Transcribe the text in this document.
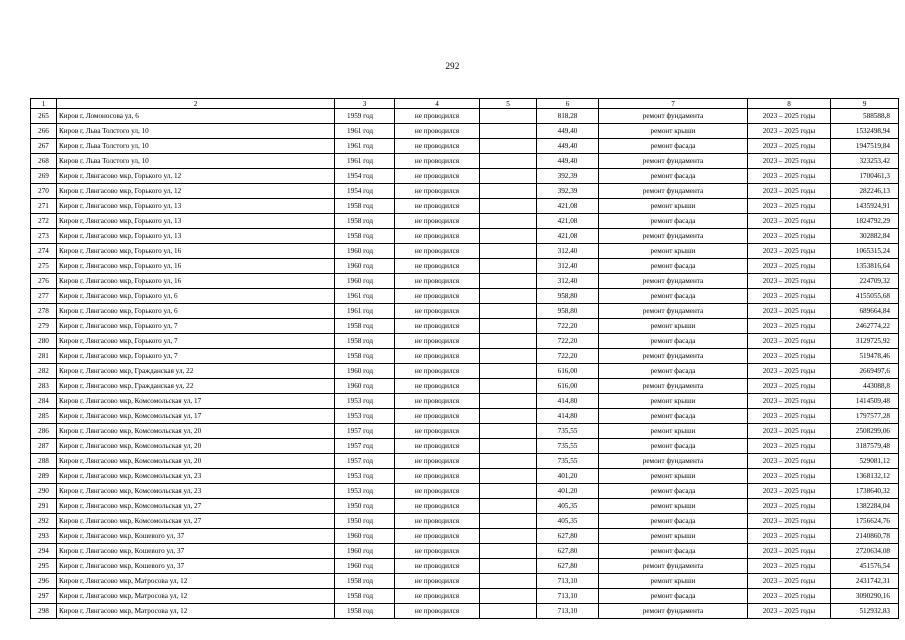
292
1	2	3	4	5	6	7	8	9
265	Киров г, Ломоносова ул, 6	1959 год	не проводился		818,28	ремонт фундамента	2023 – 2025 годы	588588,8
266	Киров г, Льва Толстого ул, 10	1961 год	не проводился		449,40	ремонт крыши	2023 – 2025 годы	1532498,94
267	Киров г, Льва Толстого ул, 10	1961 год	не проводился		449,40	ремонт фасада	2023 – 2025 годы	1947519,84
268	Киров г, Льва Толстого ул, 10	1961 год	не проводился		449,40	ремонт фундамента	2023 – 2025 годы	323253,42
269	Киров г, Лянгасово мкр, Горького ул, 12	1954 год	не проводился		392,39	ремонт фасада	2023 – 2025 годы	1700461,3
270	Киров г, Лянгасово мкр, Горького ул, 12	1954 год	не проводился		392,39	ремонт фундамента	2023 – 2025 годы	282246,13
271	Киров г, Лянгасово мкр, Горького ул, 13	1958 год	не проводился		421,08	ремонт крыши	2023 – 2025 годы	1435924,91
272	Киров г, Лянгасово мкр, Горького ул, 13	1958 год	не проводился		421,08	ремонт фасада	2023 – 2025 годы	1824792,29
273	Киров г, Лянгасово мкр, Горького ул, 13	1958 год	не проводился		421,08	ремонт фундамента	2023 – 2025 годы	302882,84
274	Киров г, Лянгасово мкр, Горького ул, 16	1960 год	не проводился		312,40	ремонт крыши	2023 – 2025 годы	1065315,24
275	Киров г, Лянгасово мкр, Горького ул, 16	1960 год	не проводился		312,40	ремонт фасада	2023 – 2025 годы	1353816,64
276	Киров г, Лянгасово мкр, Горького ул, 16	1960 год	не проводился		312,40	ремонт фундамента	2023 – 2025 годы	224709,32
277	Киров г, Лянгасово мкр, Горького ул, 6	1961 год	не проводился		958,80	ремонт фасада	2023 – 2025 годы	4155055,68
278	Киров г, Лянгасово мкр, Горького ул, 6	1961 год	не проводился		958,80	ремонт фундамента	2023 – 2025 годы	689664,84
279	Киров г, Лянгасово мкр, Горького ул, 7	1958 год	не проводился		722,20	ремонт крыши	2023 – 2025 годы	2462774,22
280	Киров г, Лянгасово мкр, Горького ул, 7	1958 год	не проводился		722,20	ремонт фасада	2023 – 2025 годы	3129725,92
281	Киров г, Лянгасово мкр, Горького ул, 7	1958 год	не проводился		722,20	ремонт фундамента	2023 – 2025 годы	519478,46
282	Киров г, Лянгасово мкр, Гражданская ул, 22	1960 год	не проводился		616,00	ремонт фасада	2023 – 2025 годы	2669497,6
283	Киров г, Лянгасово мкр, Гражданская ул, 22	1960 год	не проводился		616,00	ремонт фундамента	2023 – 2025 годы	443088,8
284	Киров г, Лянгасово мкр, Комсомольская ул, 17	1953 год	не проводился		414,80	ремонт крыши	2023 – 2025 годы	1414509,48
285	Киров г, Лянгасово мкр, Комсомольская ул, 17	1953 год	не проводился		414,80	ремонт фасада	2023 – 2025 годы	1797577,28
286	Киров г, Лянгасово мкр, Комсомольская ул, 20	1957 год	не проводился		735,55	ремонт крыши	2023 – 2025 годы	2508299,06
287	Киров г, Лянгасово мкр, Комсомольская ул, 20	1957 год	не проводился		735,55	ремонт фасада	2023 – 2025 годы	3187579,48
288	Киров г, Лянгасово мкр, Комсомольская ул, 20	1957 год	не проводился		735,55	ремонт фундамента	2023 – 2025 годы	529081,12
289	Киров г, Лянгасово мкр, Комсомольская ул, 23	1953 год	не проводился		401,20	ремонт крыши	2023 – 2025 годы	1368132,12
290	Киров г, Лянгасово мкр, Комсомольская ул, 23	1953 год	не проводился		401,20	ремонт фасада	2023 – 2025 годы	1738640,32
291	Киров г, Лянгасово мкр, Комсомольская ул, 27	1950 год	не проводился		405,35	ремонт крыши	2023 – 2025 годы	1382284,04
292	Киров г, Лянгасово мкр, Комсомольская ул, 27	1950 год	не проводился		405,35	ремонт фасада	2023 – 2025 годы	1756624,76
293	Киров г, Лянгасово мкр, Кошевого ул, 37	1960 год	не проводился		627,80	ремонт крыши	2023 – 2025 годы	2140860,78
294	Киров г, Лянгасово мкр, Кошевого ул, 37	1960 год	не проводился		627,80	ремонт фасада	2023 – 2025 годы	2720634,08
295	Киров г, Лянгасово мкр, Кошевого ул, 37	1960 год	не проводился		627,80	ремонт фундамента	2023 – 2025 годы	451576,54
296	Киров г, Лянгасово мкр, Матросова ул, 12	1958 год	не проводился		713,10	ремонт крыши	2023 – 2025 годы	2431742,31
297	Киров г, Лянгасово мкр, Матросова ул, 12	1958 год	не проводился		713,10	ремонт фасада	2023 – 2025 годы	3090290,16
298	Киров г, Лянгасово мкр, Матросова ул, 12	1958 год	не проводился		713,10	ремонт фундамента	2023 – 2025 годы	512932,83
